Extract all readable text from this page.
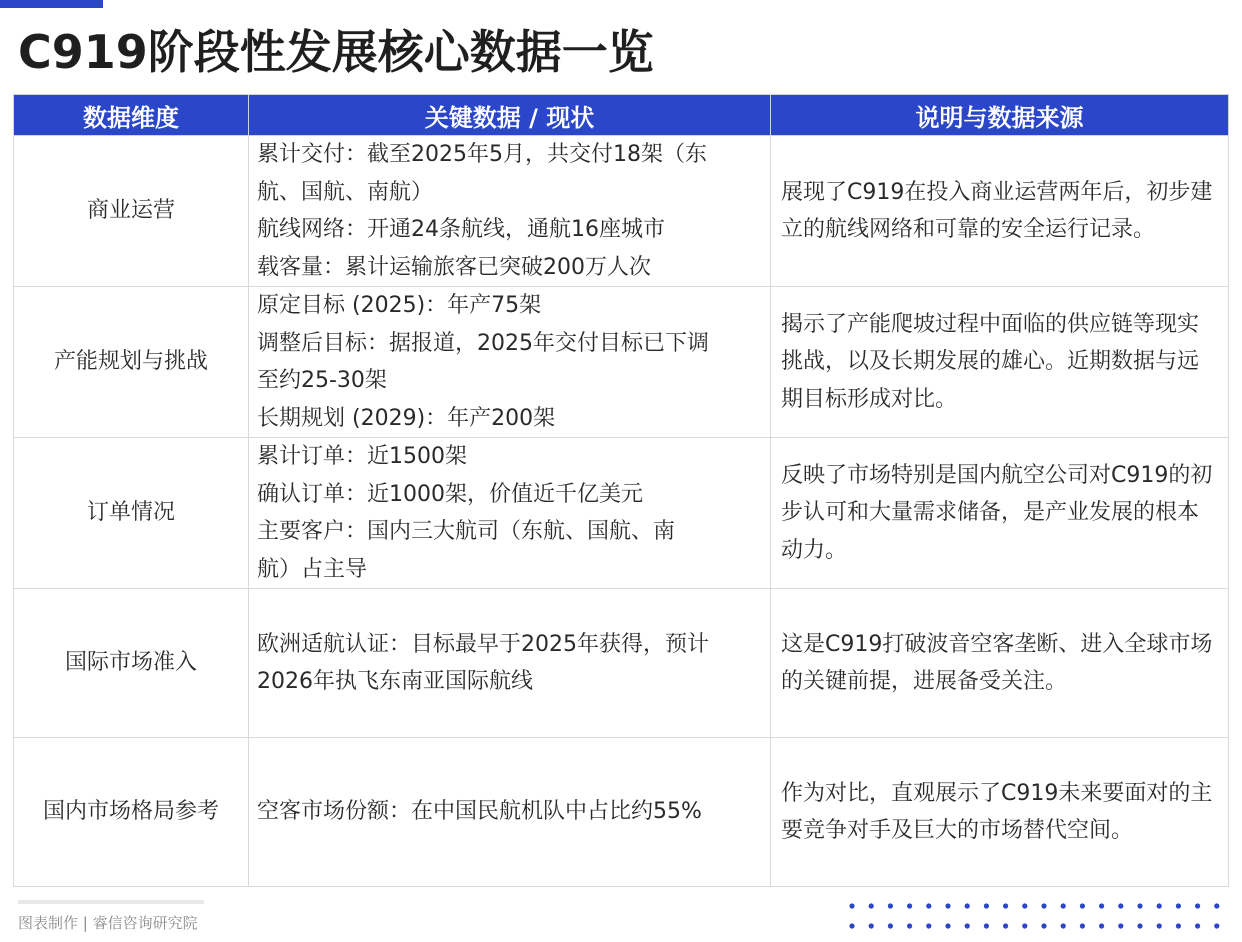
C919阶段性发展核心数据一览
数据维度	关键数据 / 现状	说明与数据来源
商业运营	累计交付：截至2025年5月，共交付18架（东
航、国航、南航）
航线网络：开通24条航线，通航16座城市
载客量：累计运输旅客已突破200万人次	展现了C919在投入商业运营两年后，初步建立的航线网络和可靠的安全运行记录。
产能规划与挑战	原定目标 (2025)：年产75架
调整后目标：据报道，2025年交付目标已下调
至约25-30架
长期规划 (2029)：年产200架	揭示了产能爬坡过程中面临的供应链等现实挑战，以及长期发展的雄心。近期数据与远期目标形成对比。
订单情况	累计订单：近1500架
确认订单：近1000架，价值近千亿美元
主要客户：国内三大航司（东航、国航、南
航）占主导	反映了市场特别是国内航空公司对C919的初步认可和大量需求储备，是产业发展的根本动力。
国际市场准入	欧洲适航认证：目标最早于2025年获得，预计
2026年执飞东南亚国际航线	这是C919打破波音空客垄断、进入全球市场的关键前提，进展备受关注。
国内市场格局参考	空客市场份额：在中国民航机队中占比约55%	作为对比，直观展示了C919未来要面对的主要竞争对手及巨大的市场替代空间。
图表制作 | 睿信咨询研究院
